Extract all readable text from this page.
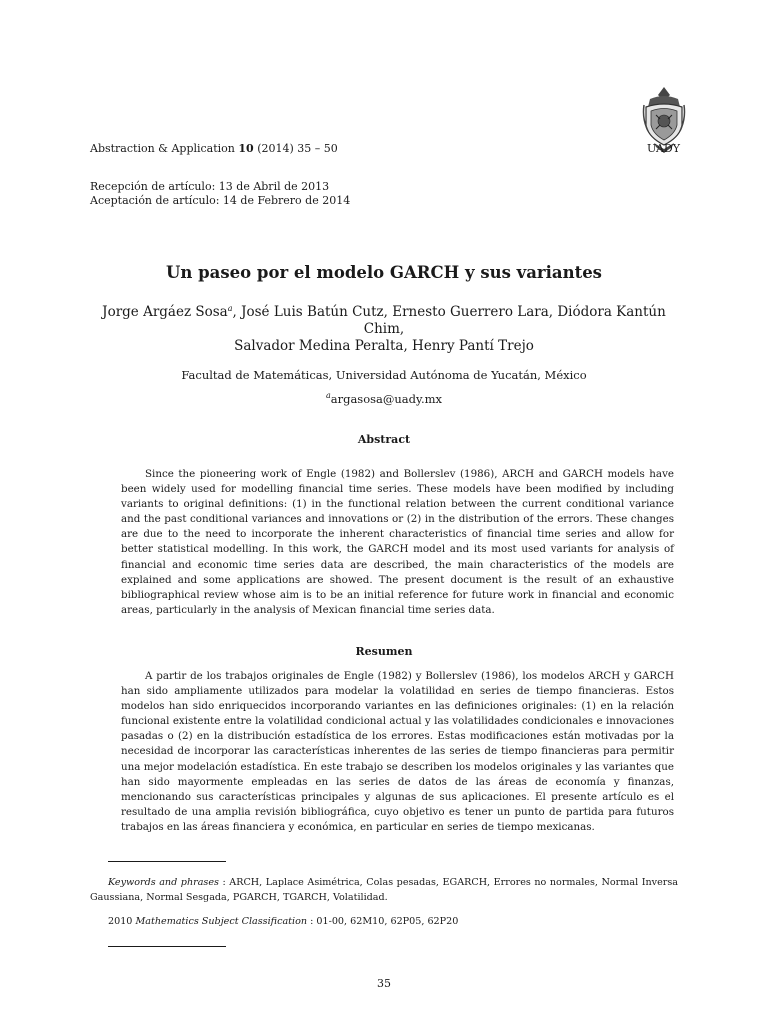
Abstraction & Application 10 (2014) 35 – 50	UADY
Recepción de artículo: 13 de Abril de 2013
Aceptación de artículo: 14 de Febrero de 2014
Un paseo por el modelo GARCH y sus variantes
Jorge Argáez Sosa$^a$, José Luis Batún Cutz, Ernesto Guerrero Lara, Diódora Kantún Chim,
Salvador Medina Peralta, Henry Pantí Trejo
Facultad de Matemáticas, Universidad Autónoma de Yucatán, México
$^a$argasosa@uady.mx
Abstract
Since the pioneering work of Engle (1982) and Bollerslev (1986), ARCH and GARCH models have been widely used for modelling financial time series. These models have been modified by including variants to original definitions: (1) in the functional relation between the current conditional variance and the past conditional variances and innovations or (2) in the distribution of the errors. These changes are due to the need to incorporate the inherent characteristics of financial time series and allow for better statistical modelling. In this work, the GARCH model and its most used variants for analysis of financial and economic time series data are described, the main characteristics of the models are explained and some applications are showed. The present document is the result of an exhaustive bibliographical review whose aim is to be an initial reference for future work in financial and economic areas, particularly in the analysis of Mexican financial time series data.
Resumen
A partir de los trabajos originales de Engle (1982) y Bollerslev (1986), los modelos ARCH y GARCH han sido ampliamente utilizados para modelar la volatilidad en series de tiempo financieras. Estos modelos han sido enriquecidos incorporando variantes en las definiciones originales: (1) en la relación funcional existente entre la volatilidad condicional actual y las volatilidades condicionales e innovaciones pasadas o (2) en la distribución estadística de los errores. Estas modificaciones están motivadas por la necesidad de incorporar las características inherentes de las series de tiempo financieras para permitir una mejor modelación estadística. En este trabajo se describen los modelos originales y las variantes que han sido mayormente empleadas en las series de datos de las áreas de economía y finanzas, mencionando sus características principales y algunas de sus aplicaciones. El presente artículo es el resultado de una amplia revisión bibliográfica, cuyo objetivo es tener un punto de partida para futuros trabajos en las áreas financiera y económica, en particular en series de tiempo mexicanas.
Keywords and phrases : ARCH, Laplace Asimétrica, Colas pesadas, EGARCH, Errores no normales, Normal Inversa Gaussiana, Normal Sesgada, PGARCH, TGARCH, Volatilidad.
2010 Mathematics Subject Classification : 01-00, 62M10, 62P05, 62P20
35
